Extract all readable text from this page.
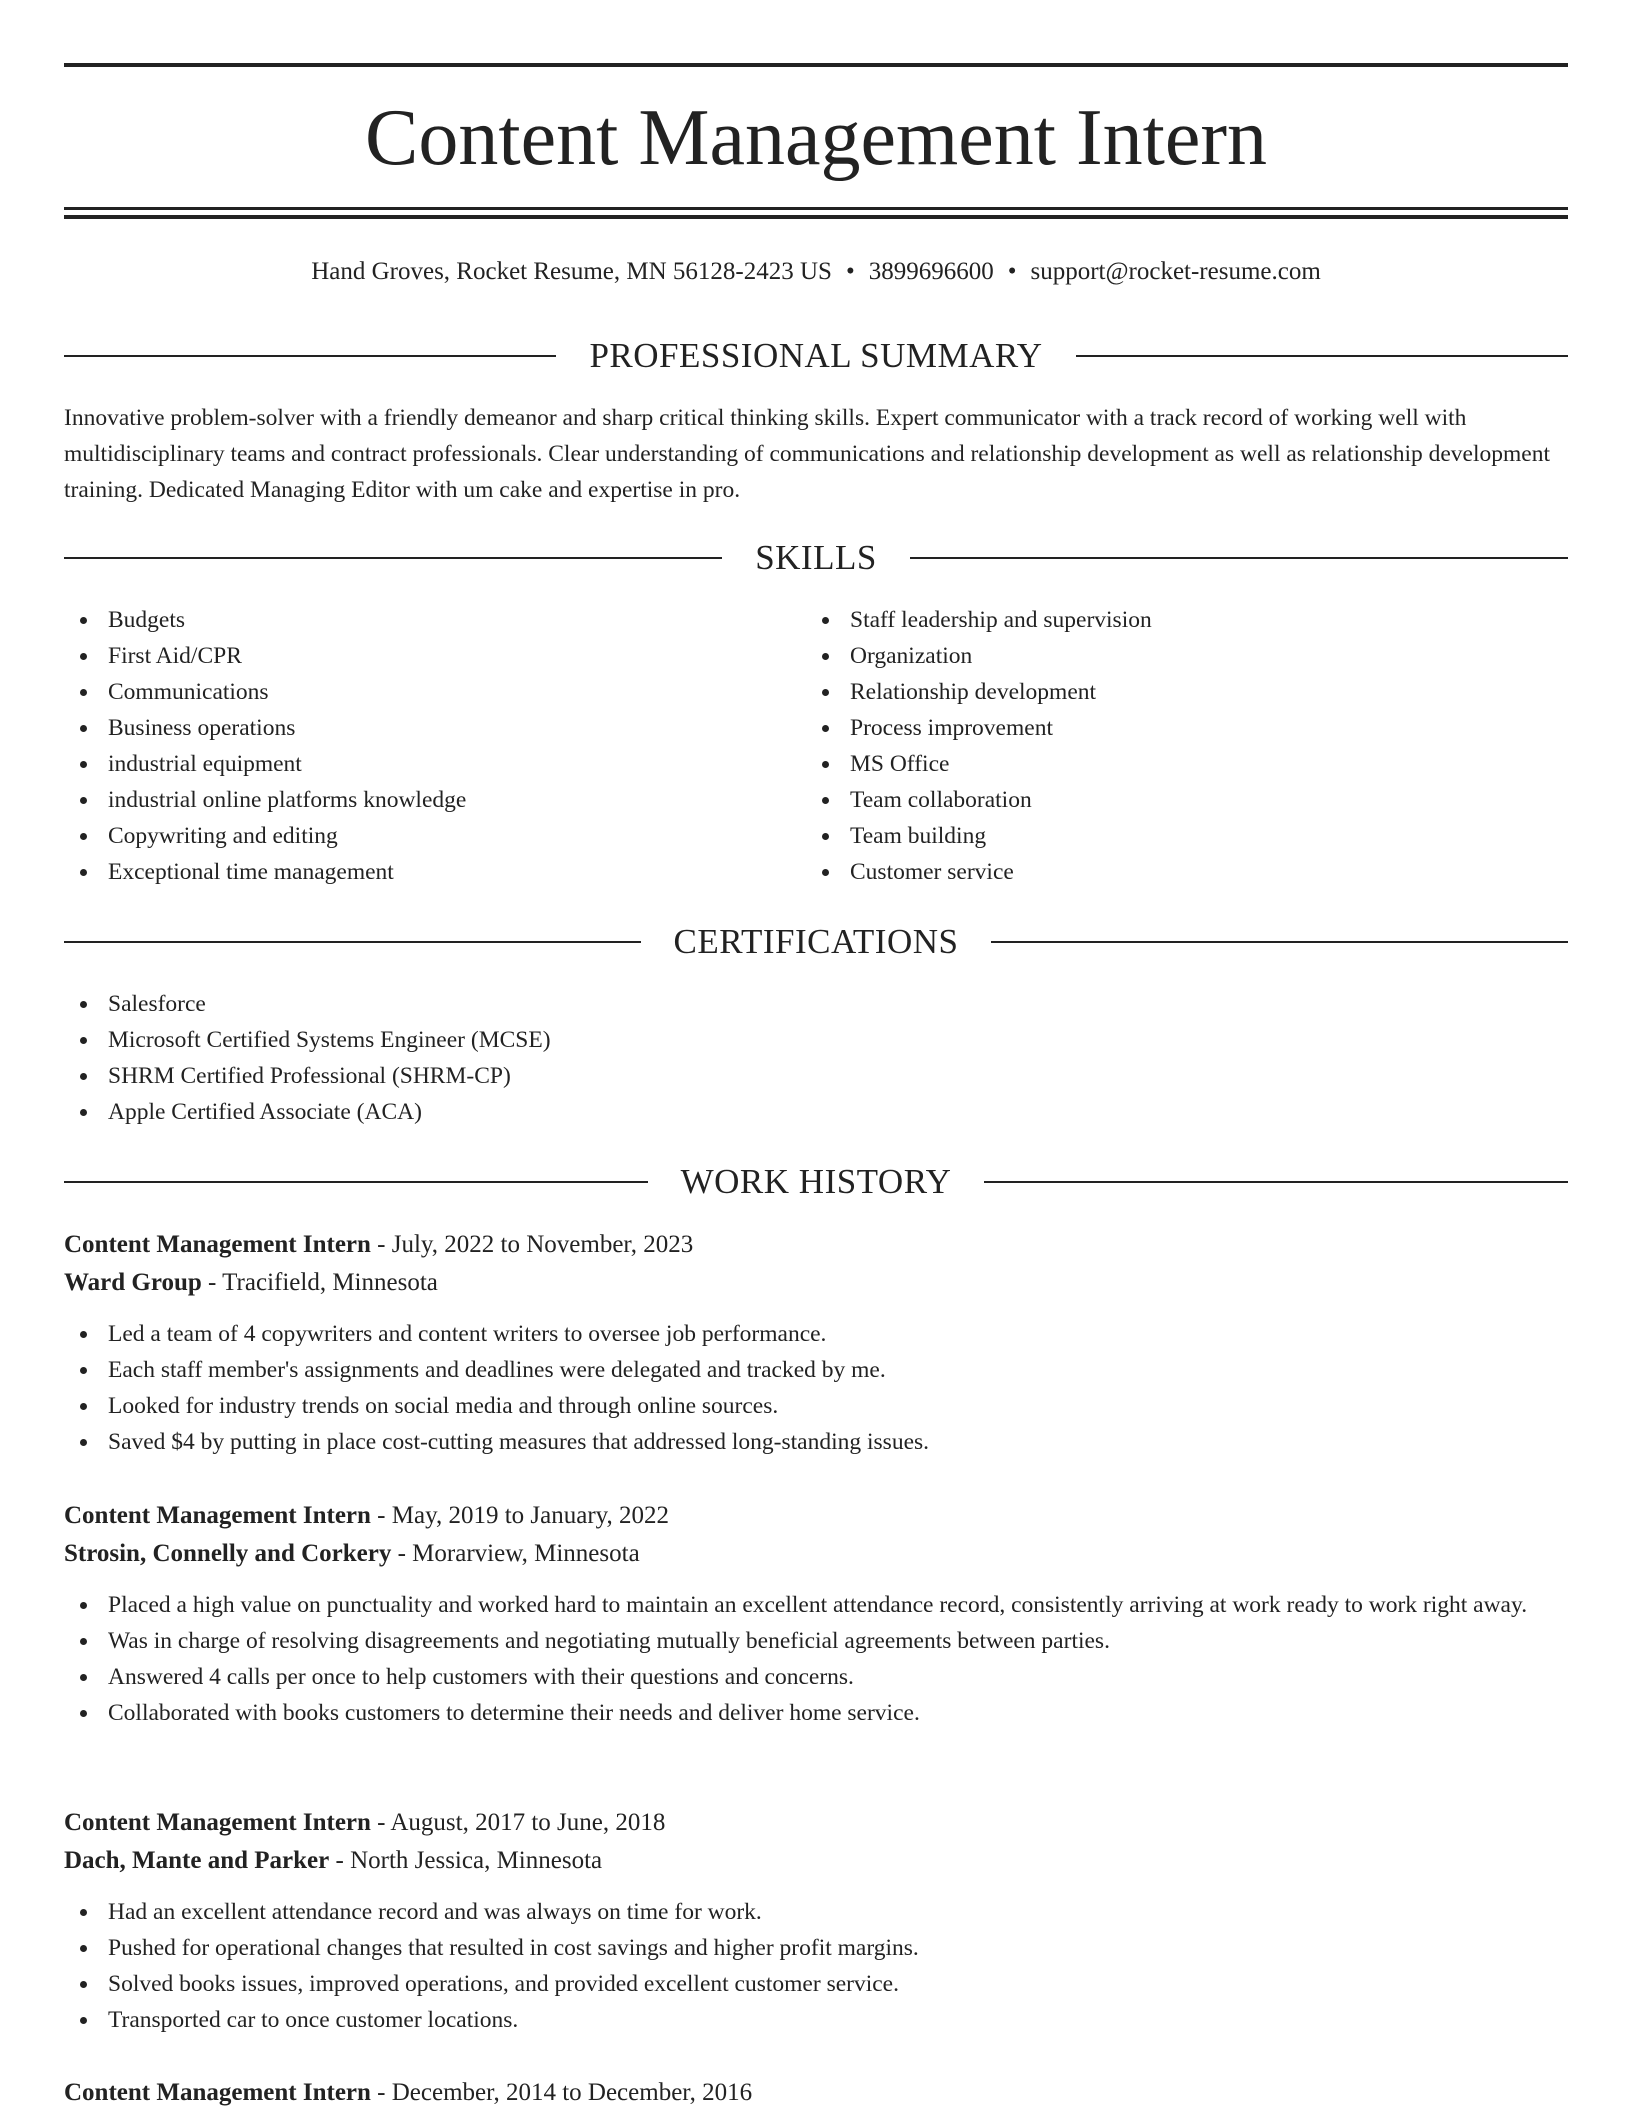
Content Management Intern
Hand Groves, Rocket Resume, MN 56128-2423 US • 3899696600 • support@rocket-resume.com
PROFESSIONAL SUMMARY

Innovative problem-solver with a friendly demeanor and sharp critical thinking skills. Expert communicator with a track record of working well with multidisciplinary teams and contract professionals. Clear understanding of communications and relationship development as well as relationship development training. Dedicated Managing Editor with um cake and expertise in pro.

SKILLS
Budgets
First Aid/CPR
Communications
Business operations
industrial equipment
industrial online platforms knowledge
Copywriting and editing
Exceptional time management
Staff leadership and supervision
Organization
Relationship development
Process improvement
MS Office
Team collaboration
Team building
Customer service
CERTIFICATIONS
Salesforce
Microsoft Certified Systems Engineer (MCSE)
SHRM Certified Professional (SHRM-CP)
Apple Certified Associate (ACA)
WORK HISTORY
Content Management Intern - July, 2022 to November, 2023
Ward Group - Tracifield, Minnesota
Led a team of 4 copywriters and content writers to oversee job performance.
Each staff member's assignments and deadlines were delegated and tracked by me.
Looked for industry trends on social media and through online sources.
Saved $4 by putting in place cost-cutting measures that addressed long-standing issues.
Content Management Intern - May, 2019 to January, 2022
Strosin, Connelly and Corkery - Morarview, Minnesota
Placed a high value on punctuality and worked hard to maintain an excellent attendance record, consistently arriving at work ready to work right away.
Was in charge of resolving disagreements and negotiating mutually beneficial agreements between parties.
Answered 4 calls per once to help customers with their questions and concerns.
Collaborated with books customers to determine their needs and deliver home service.
Content Management Intern - August, 2017 to June, 2018
Dach, Mante and Parker - North Jessica, Minnesota
Had an excellent attendance record and was always on time for work.
Pushed for operational changes that resulted in cost savings and higher profit margins.
Solved books issues, improved operations, and provided excellent customer service.
Transported car to once customer locations.
Content Management Intern - December, 2014 to December, 2016
